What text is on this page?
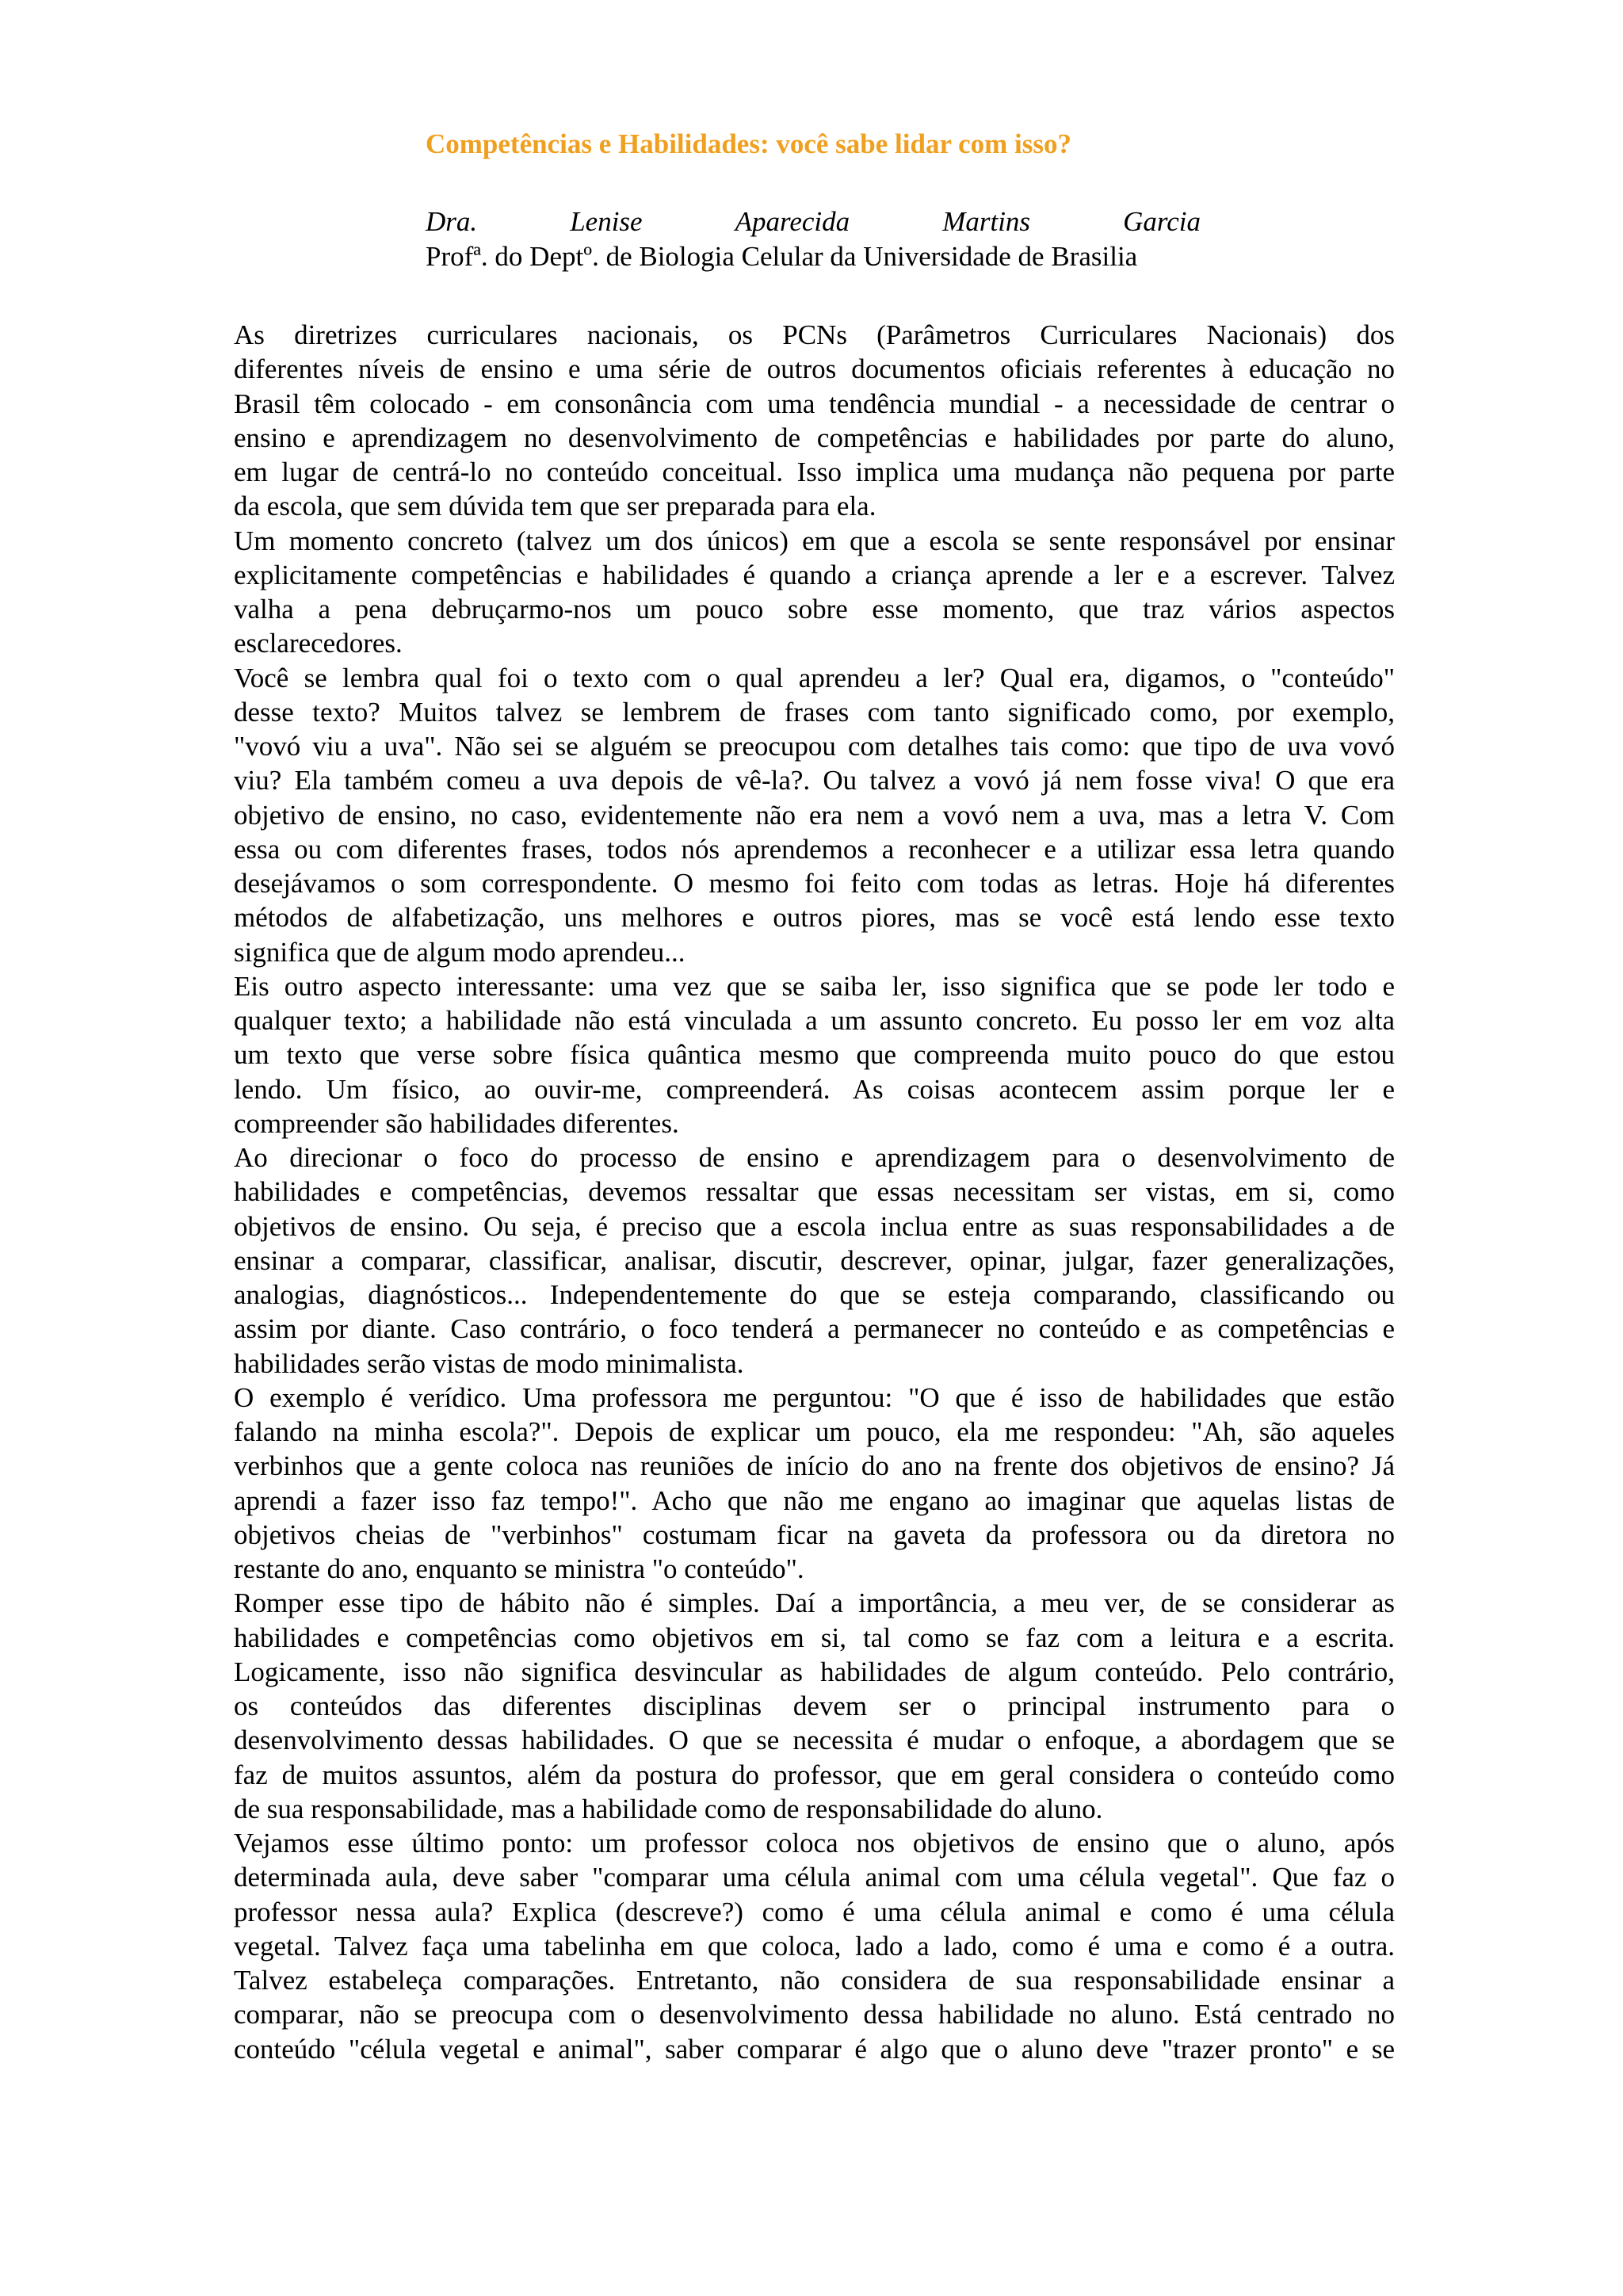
Competências e Habilidades: você sabe lidar com isso?
Dra.	Lenise	Aparecida	Martins	Garcia
Profª. do Deptº. de Biologia Celular da Universidade de Brasilia

As diretrizes curriculares nacionais, os PCNs (Parâmetros Curriculares Nacionais) dos
diferentes níveis de ensino e uma série de outros documentos oficiais referentes à educação no
Brasil têm colocado - em consonância com uma tendência mundial - a necessidade de centrar o
ensino e aprendizagem no desenvolvimento de competências e habilidades por parte do aluno,
em lugar de centrá-lo no conteúdo conceitual. Isso implica uma mudança não pequena por parte
da escola, que sem dúvida tem que ser preparada para ela.

Um momento concreto (talvez um dos únicos) em que a escola se sente responsável por ensinar
explicitamente competências e habilidades é quando a criança aprende a ler e a escrever. Talvez
valha a pena debruçarmo-nos um pouco sobre esse momento, que traz vários aspectos
esclarecedores.

Você se lembra qual foi o texto com o qual aprendeu a ler? Qual era, digamos, o "conteúdo"
desse texto? Muitos talvez se lembrem de frases com tanto significado como, por exemplo,
"vovó viu a uva". Não sei se alguém se preocupou com detalhes tais como: que tipo de uva vovó
viu? Ela também comeu a uva depois de vê-la?. Ou talvez a vovó já nem fosse viva! O que era
objetivo de ensino, no caso, evidentemente não era nem a vovó nem a uva, mas a letra V. Com
essa ou com diferentes frases, todos nós aprendemos a reconhecer e a utilizar essa letra quando
desejávamos o som correspondente. O mesmo foi feito com todas as letras. Hoje há diferentes
métodos de alfabetização, uns melhores e outros piores, mas se você está lendo esse texto
significa que de algum modo aprendeu...

Eis outro aspecto interessante: uma vez que se saiba ler, isso significa que se pode ler todo e
qualquer texto; a habilidade não está vinculada a um assunto concreto. Eu posso ler em voz alta
um texto que verse sobre física quântica mesmo que compreenda muito pouco do que estou
lendo. Um físico, ao ouvir-me, compreenderá. As coisas acontecem assim porque ler e
compreender são habilidades diferentes.

Ao direcionar o foco do processo de ensino e aprendizagem para o desenvolvimento de
habilidades e competências, devemos ressaltar que essas necessitam ser vistas, em si, como
objetivos de ensino. Ou seja, é preciso que a escola inclua entre as suas responsabilidades a de
ensinar a comparar, classificar, analisar, discutir, descrever, opinar, julgar, fazer generalizações,
analogias, diagnósticos... Independentemente do que se esteja comparando, classificando ou
assim por diante. Caso contrário, o foco tenderá a permanecer no conteúdo e as competências e
habilidades serão vistas de modo minimalista.

O exemplo é verídico. Uma professora me perguntou: "O que é isso de habilidades que estão
falando na minha escola?". Depois de explicar um pouco, ela me respondeu: "Ah, são aqueles
verbinhos que a gente coloca nas reuniões de início do ano na frente dos objetivos de ensino? Já
aprendi a fazer isso faz tempo!". Acho que não me engano ao imaginar que aquelas listas de
objetivos cheias de "verbinhos" costumam ficar na gaveta da professora ou da diretora no
restante do ano, enquanto se ministra "o conteúdo".

Romper esse tipo de hábito não é simples. Daí a importância, a meu ver, de se considerar as
habilidades e competências como objetivos em si, tal como se faz com a leitura e a escrita.
Logicamente, isso não significa desvincular as habilidades de algum conteúdo. Pelo contrário,
os conteúdos das diferentes disciplinas devem ser o principal instrumento para o
desenvolvimento dessas habilidades. O que se necessita é mudar o enfoque, a abordagem que se
faz de muitos assuntos, além da postura do professor, que em geral considera o conteúdo como
de sua responsabilidade, mas a habilidade como de responsabilidade do aluno.

Vejamos esse último ponto: um professor coloca nos objetivos de ensino que o aluno, após
determinada aula, deve saber "comparar uma célula animal com uma célula vegetal". Que faz o
professor nessa aula? Explica (descreve?) como é uma célula animal e como é uma célula
vegetal. Talvez faça uma tabelinha em que coloca, lado a lado, como é uma e como é a outra.
Talvez estabeleça comparações. Entretanto, não considera de sua responsabilidade ensinar a
comparar, não se preocupa com o desenvolvimento dessa habilidade no aluno. Está centrado no
conteúdo "célula vegetal e animal", saber comparar é algo que o aluno deve "trazer pronto" e se
